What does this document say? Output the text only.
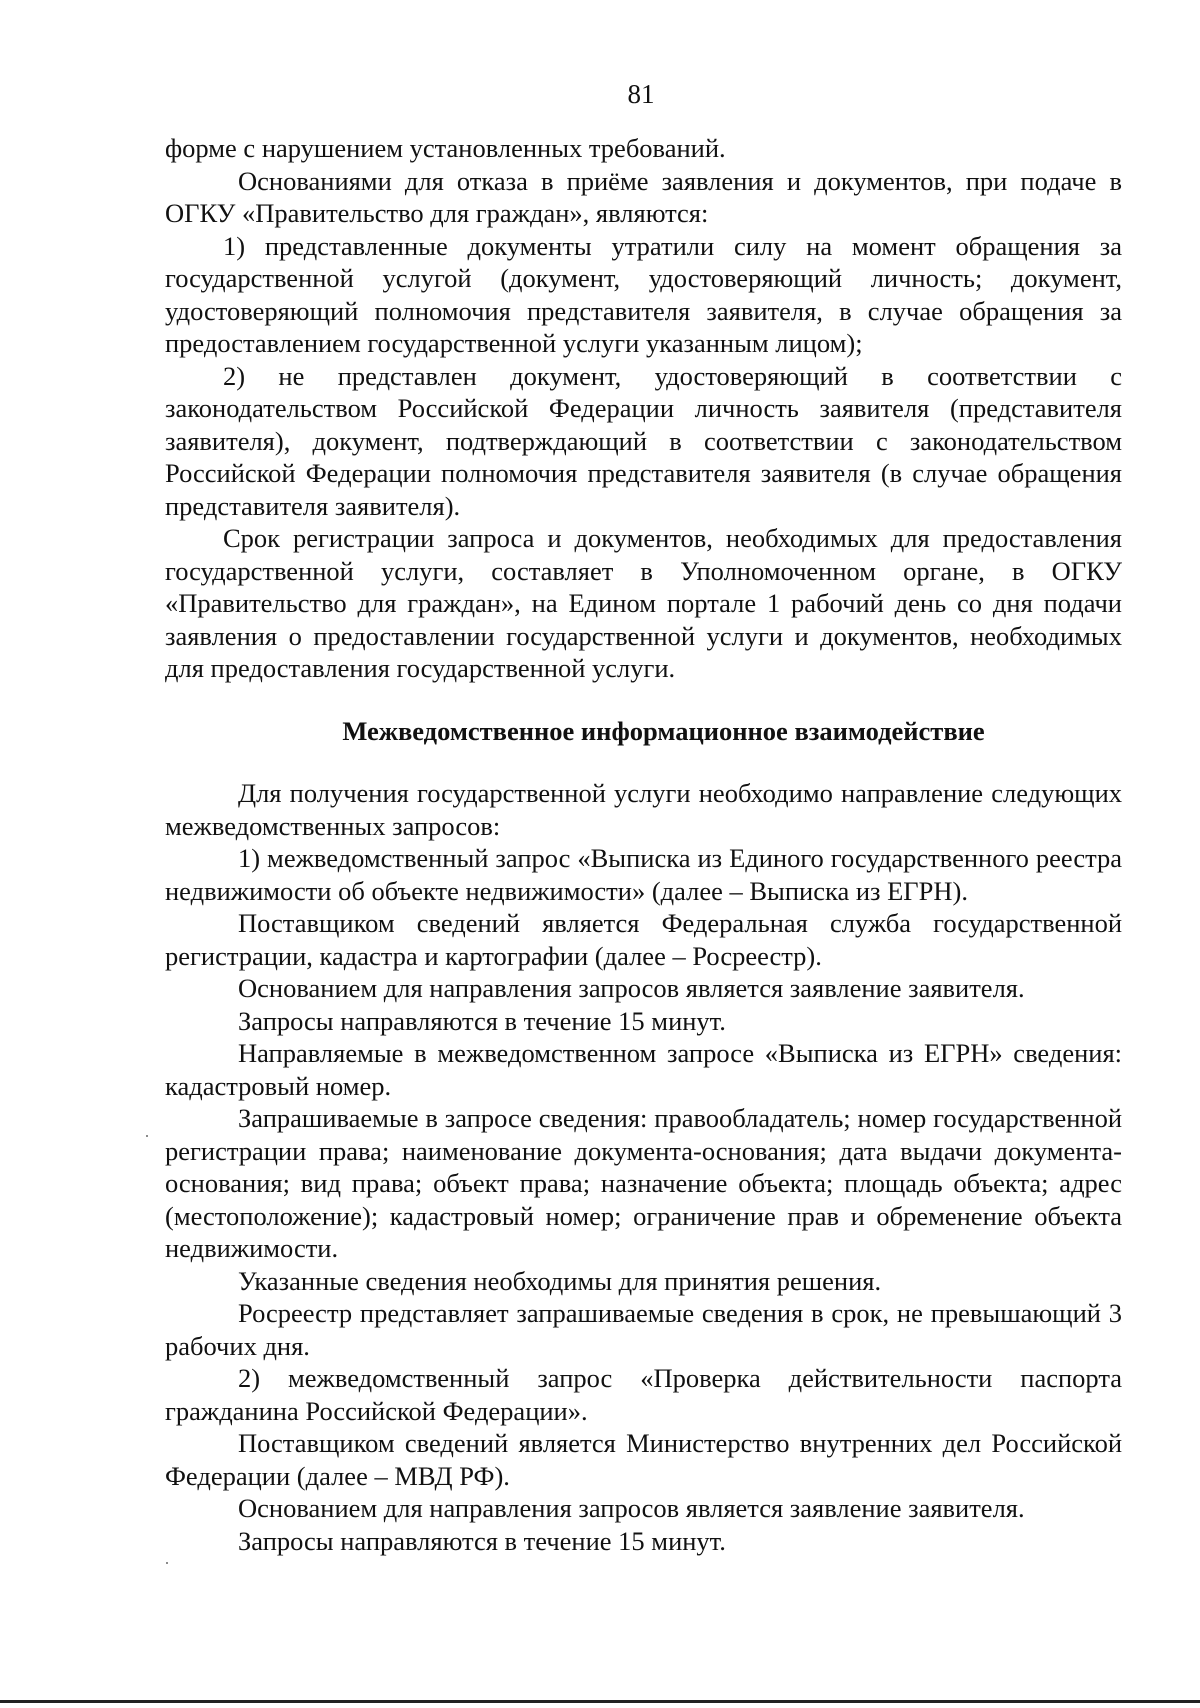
81

форме с нарушением установленных требований.

Основаниями для отказа в приёме заявления и документов, при подаче в ОГКУ «Правительство для граждан», являются:

1) представленные документы утратили силу на момент обращения за государственной услугой (документ, удостоверяющий личность; документ, удостоверяющий полномочия представителя заявителя, в случае обращения за предоставлением государственной услуги указанным лицом);

2) не представлен документ, удостоверяющий в соответствии с законодательством Российской Федерации личность заявителя (представителя заявителя), документ, подтверждающий в соответствии с законодательством Российской Федерации полномочия представителя заявителя (в случае обращения представителя заявителя).

Срок регистрации запроса и документов, необходимых для предоставления государственной услуги, составляет в Уполномоченном органе, в ОГКУ «Правительство для граждан», на Едином портале 1 рабочий день со дня подачи заявления о предоставлении государственной услуги и документов, необходимых для предоставления государственной услуги.

Межведомственное информационное взаимодействие

Для получения государственной услуги необходимо направление следующих межведомственных запросов:

1) межведомственный запрос «Выписка из Единого государственного реестра недвижимости об объекте недвижимости» (далее – Выписка из ЕГРН).

Поставщиком сведений является Федеральная служба государственной регистрации, кадастра и картографии (далее – Росреестр).

Основанием для направления запросов является заявление заявителя.

Запросы направляются в течение 15 минут.

Направляемые в межведомственном запросе «Выписка из ЕГРН» сведения: кадастровый номер.

Запрашиваемые в запросе сведения: правообладатель; номер государственной регистрации права; наименование документа-основания; дата выдачи документа-основания; вид права; объект права; назначение объекта; площадь объекта; адрес (местоположение); кадастровый номер; ограничение прав и обременение объекта недвижимости.

Указанные сведения необходимы для принятия решения.

Росреестр представляет запрашиваемые сведения в срок, не превышающий 3 рабочих дня.

2) межведомственный запрос «Проверка действительности паспорта гражданина Российской Федерации».

Поставщиком сведений является Министерство внутренних дел Российской Федерации (далее – МВД РФ).

Основанием для направления запросов является заявление заявителя.

Запросы направляются в течение 15 минут.
